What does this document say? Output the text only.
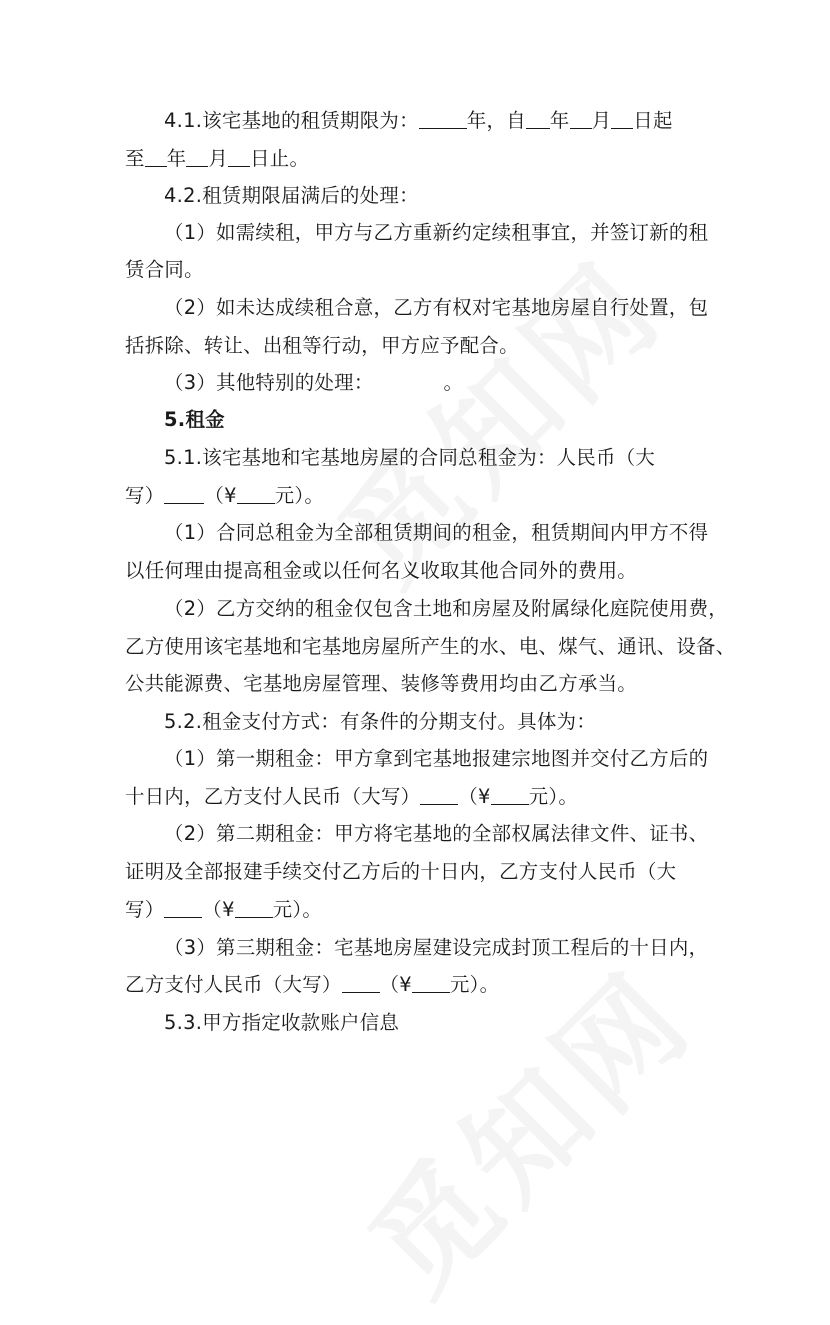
4.1.该宅基地的租赁期限为： 年，自 年 月 日起
至 年 月 日止。
4.2.租赁期限届满后的处理：
（1）如需续租，甲方与乙方重新约定续租事宜，并签订新的租
赁合同。
（2）如未达成续租合意，乙方有权对宅基地房屋自行处置，包
括拆除、转让、出租等行动，甲方应予配合。
（3）其他特别的处理：	。
5.租金
5.1.该宅基地和宅基地房屋的合同总租金为：人民币（大
写） （¥ 元）。
（1）合同总租金为全部租赁期间的租金，租赁期间内甲方不得
以任何理由提高租金或以任何名义收取其他合同外的费用。
（2）乙方交纳的租金仅包含土地和房屋及附属绿化庭院使用费，
乙方使用该宅基地和宅基地房屋所产生的水、电、煤气、通讯、设备、
公共能源费、宅基地房屋管理、装修等费用均由乙方承当。
5.2.租金支付方式：有条件的分期支付。具体为：
（1）第一期租金：甲方拿到宅基地报建宗地图并交付乙方后的
十日内，乙方支付人民币（大写） （¥ 元）。
（2）第二期租金：甲方将宅基地的全部权属法律文件、证书、
证明及全部报建手续交付乙方后的十日内，乙方支付人民币（大
写） （¥ 元）。
（3）第三期租金：宅基地房屋建设完成封顶工程后的十日内，
乙方支付人民币（大写） （¥ 元）。
5.3.甲方指定收款账户信息
